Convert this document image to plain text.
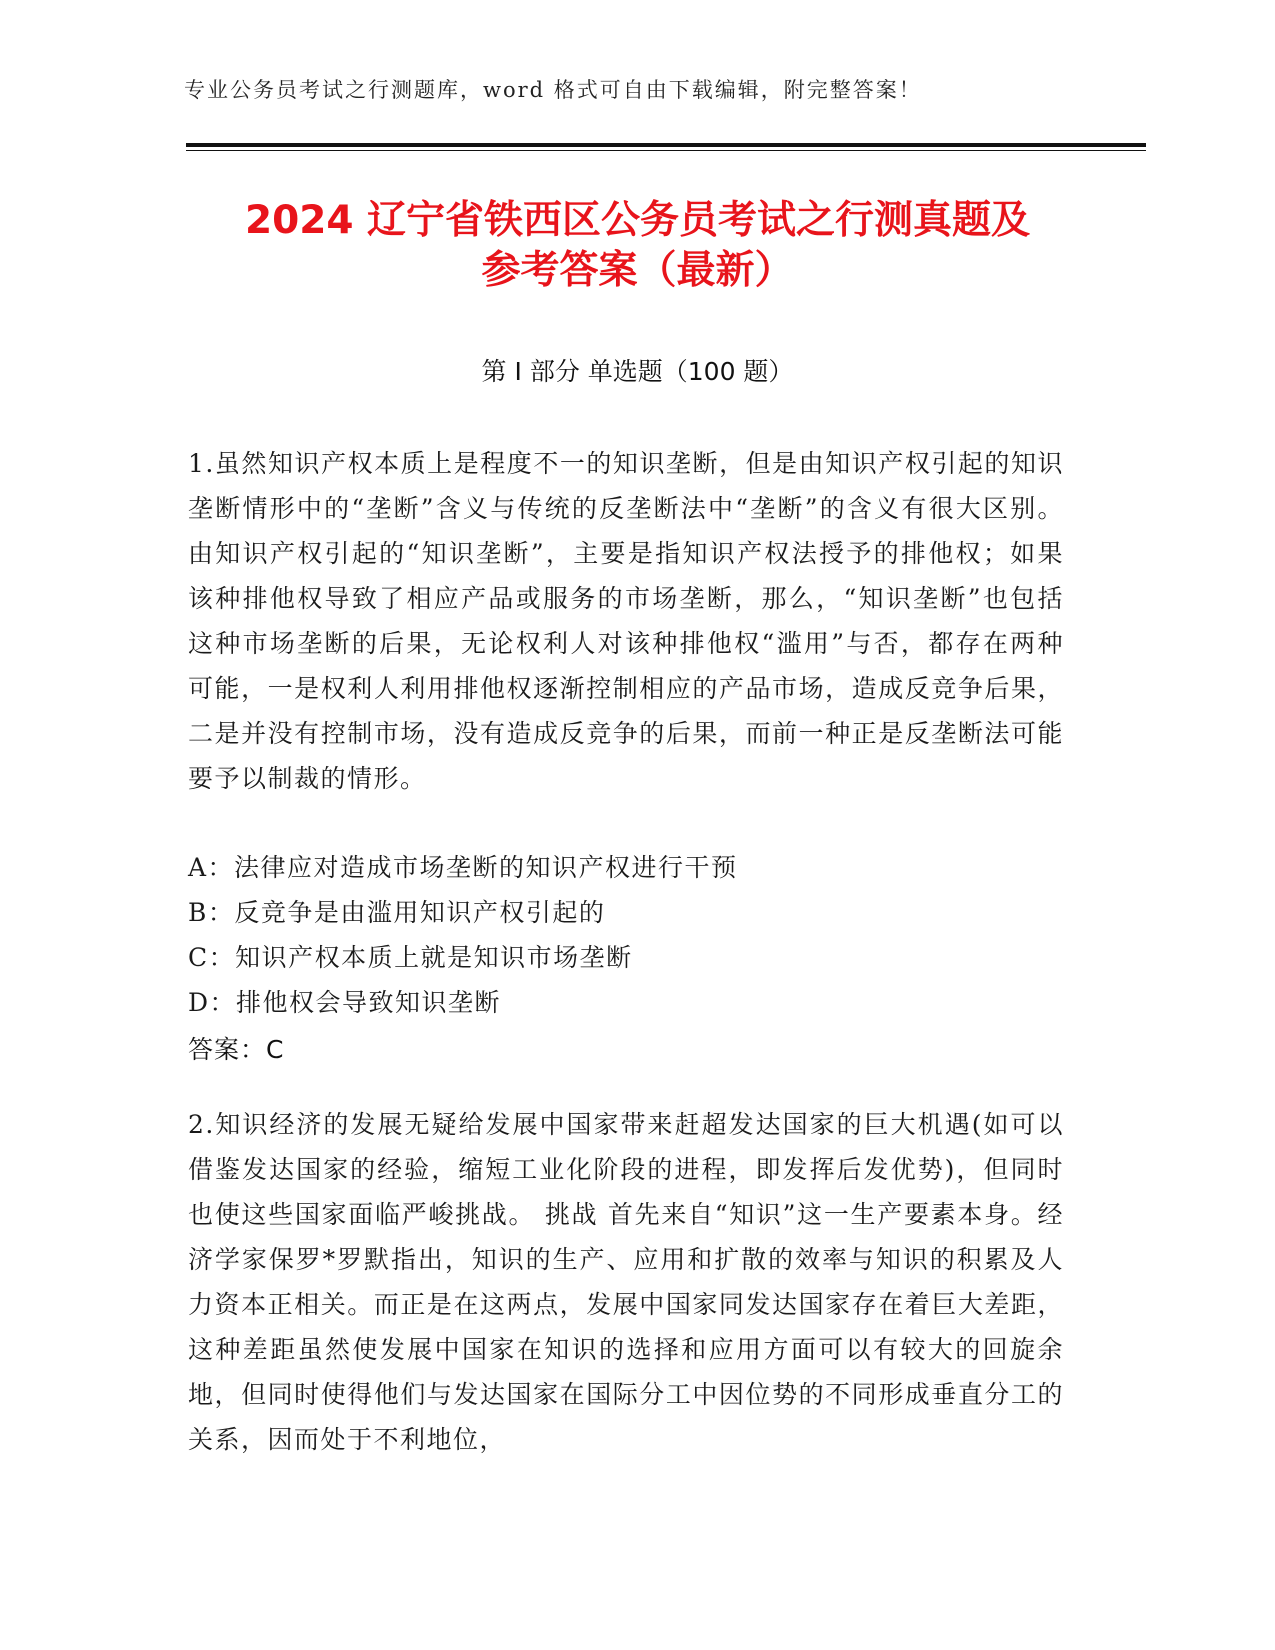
专业公务员考试之行测题库，word 格式可自由下载编辑，附完整答案！
2024 辽宁省铁西区公务员考试之行测真题及
参考答案（最新）
第 I 部分 单选题（100 题）
1.虽然知识产权本质上是程度不一的知识垄断，但是由知识产权引起的知识垄断情形中的“垄断”含义与传统的反垄断法中“垄断”的含义有很大区别。由知识产权引起的“知识垄断”，主要是指知识产权法授予的排他权；如果该种排他权导致了相应产品或服务的市场垄断，那么，“知识垄断”也包括这种市场垄断的后果，无论权利人对该种排他权“滥用”与否，都存在两种可能，一是权利人利用排他权逐渐控制相应的产品市场，造成反竞争后果，二是并没有控制市场，没有造成反竞争的后果，而前一种正是反垄断法可能要予以制裁的情形。
A：法律应对造成市场垄断的知识产权进行干预
B：反竞争是由滥用知识产权引起的
C：知识产权本质上就是知识市场垄断
D：排他权会导致知识垄断
答案：C
2.知识经济的发展无疑给发展中国家带来赶超发达国家的巨大机遇(如可以借鉴发达国家的经验，缩短工业化阶段的进程，即发挥后发优势)，但同时也使这些国家面临严峻挑战。 挑战 首先来自“知识”这一生产要素本身。经济学家保罗*罗默指出，知识的生产、应用和扩散的效率与知识的积累及人力资本正相关。而正是在这两点，发展中国家同发达国家存在着巨大差距，这种差距虽然使发展中国家在知识的选择和应用方面可以有较大的回旋余地，但同时使得他们与发达国家在国际分工中因位势的不同形成垂直分工的关系，因而处于不利地位，
